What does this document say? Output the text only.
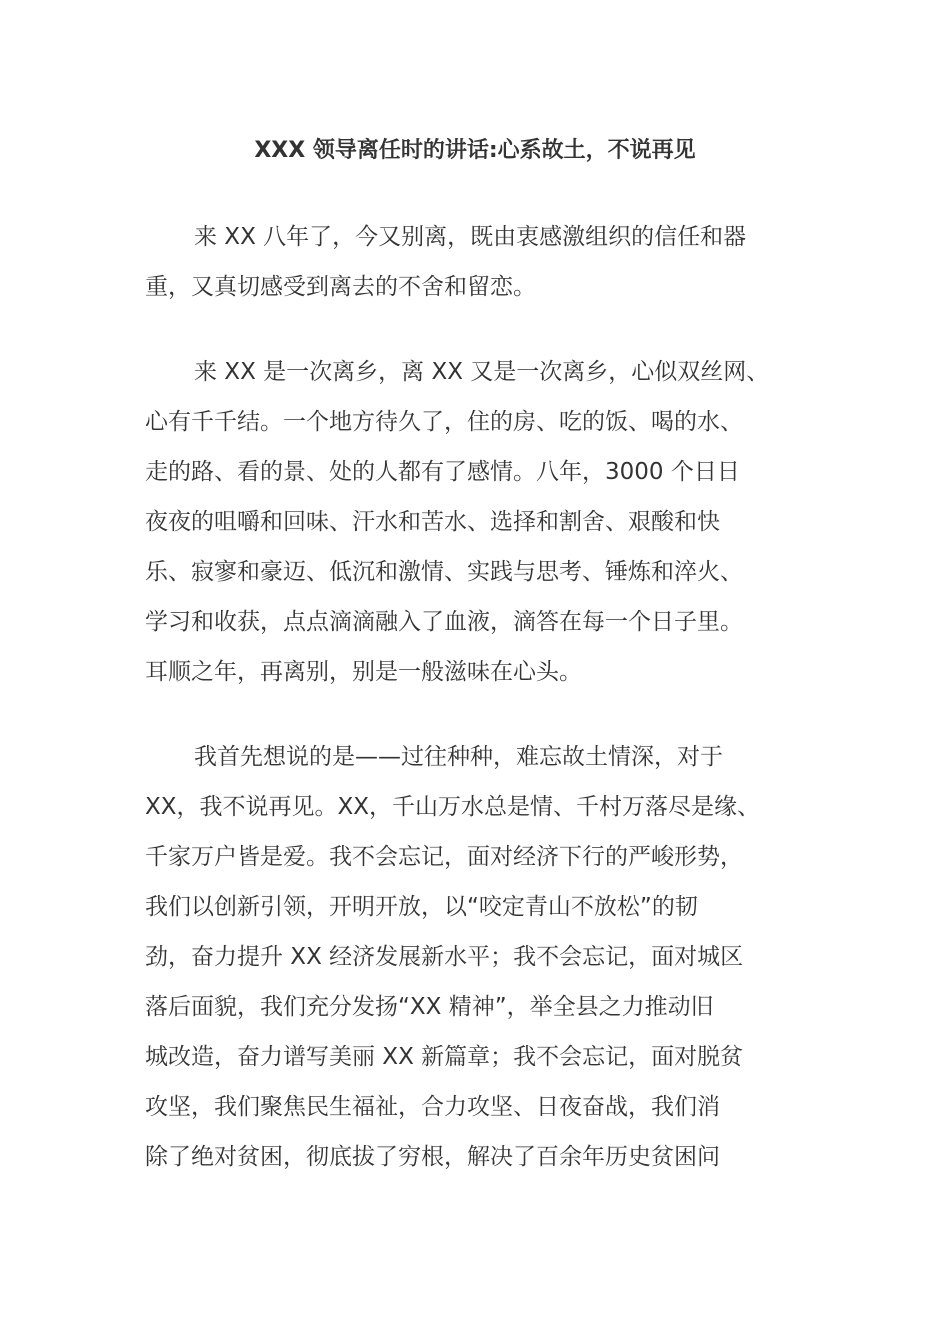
XXX 领导离任时的讲话:心系故土，不说再见
来 XX 八年了，今又别离，既由衷感激组织的信任和器
重，又真切感受到离去的不舍和留恋。
来 XX 是一次离乡，离 XX 又是一次离乡，心似双丝网、
心有千千结。一个地方待久了，住的房、吃的饭、喝的水、
走的路、看的景、处的人都有了感情。八年，3000 个日日
夜夜的咀嚼和回味、汗水和苦水、选择和割舍、艰酸和快
乐、寂寥和豪迈、低沉和激情、实践与思考、锤炼和淬火、
学习和收获，点点滴滴融入了血液，滴答在每一个日子里。
耳顺之年，再离别，别是一般滋味在心头。
我首先想说的是——过往种种，难忘故土情深，对于
XX，我不说再见。XX，千山万水总是情、千村万落尽是缘、
千家万户皆是爱。我不会忘记，面对经济下行的严峻形势，
我们以创新引领，开明开放，以“咬定青山不放松”的韧
劲，奋力提升 XX 经济发展新水平；我不会忘记，面对城区
落后面貌，我们充分发扬“XX 精神”，举全县之力推动旧
城改造，奋力谱写美丽 XX 新篇章；我不会忘记，面对脱贫
攻坚，我们聚焦民生福祉，合力攻坚、日夜奋战，我们消
除了绝对贫困，彻底拔了穷根，解决了百余年历史贫困问
